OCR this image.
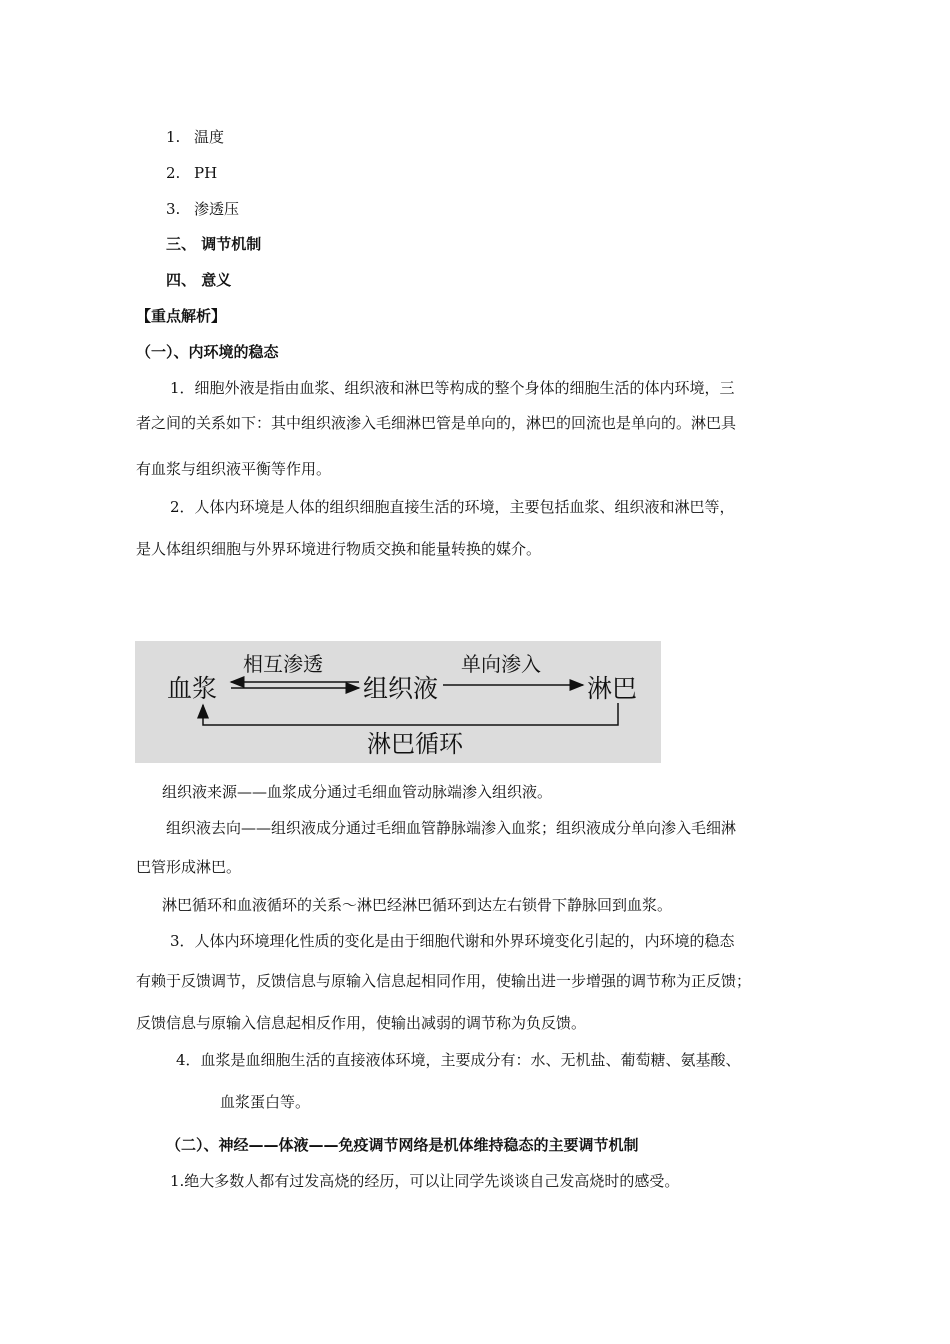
1. 温度
2. PH
3. 渗透压
三、 调节机制
四、 意义
【重点解析】
（一）、内环境的稳态
1．细胞外液是指由血浆、组织液和淋巴等构成的整个身体的细胞生活的体内环境，三
者之间的关系如下：其中组织液渗入毛细淋巴管是单向的，淋巴的回流也是单向的。淋巴具
有血浆与组织液平衡等作用。
2．人体内环境是人体的组织细胞直接生活的环境，主要包括血浆、组织液和淋巴等，
是人体组织细胞与外界环境进行物质交换和能量转换的媒介。
血浆	组织液	淋巴
相互渗透	单向渗入
淋巴循环
组织液来源——血浆成分通过毛细血管动脉端渗入组织液。
组织液去向——组织液成分通过毛细血管静脉端渗入血浆；组织液成分单向渗入毛细淋
巴管形成淋巴。
淋巴循环和血液循环的关系～淋巴经淋巴循环到达左右锁骨下静脉回到血浆。
3．人体内环境理化性质的变化是由于细胞代谢和外界环境变化引起的，内环境的稳态
有赖于反馈调节，反馈信息与原输入信息起相同作用，使输出进一步增强的调节称为正反馈；
反馈信息与原输入信息起相反作用，使输出减弱的调节称为负反馈。
4．血浆是血细胞生活的直接液体环境，主要成分有：水、无机盐、葡萄糖、氨基酸、
血浆蛋白等。
（二）、神经——体液——免疫调节网络是机体维持稳态的主要调节机制
1.绝大多数人都有过发高烧的经历，可以让同学先谈谈自己发高烧时的感受。
